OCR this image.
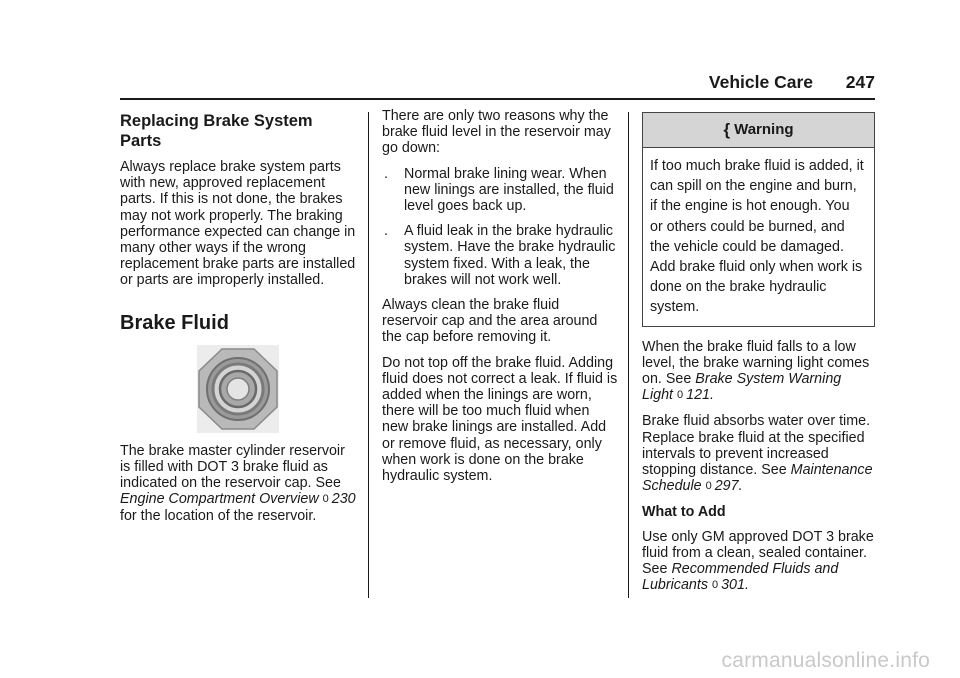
Vehicle Care 247
Replacing Brake System Parts

Always replace brake system parts with new, approved replacement parts. If this is not done, the brakes may not work properly. The braking performance expected can change in many other ways if the wrong replacement brake parts are installed or parts are improperly installed.

Brake Fluid

The brake master cylinder reservoir is filled with DOT 3 brake fluid as indicated on the reservoir cap. See Engine Compartment Overview 0 230 for the location of the reservoir.

There are only two reasons why the brake fluid level in the reservoir may go down:

.	Normal brake lining wear. When new linings are installed, the fluid level goes back up.
.	A fluid leak in the brake hydraulic system. Have the brake hydraulic system fixed. With a leak, the brakes will not work well.

Always clean the brake fluid reservoir cap and the area around the cap before removing it.

Do not top off the brake fluid. Adding fluid does not correct a leak. If fluid is added when the linings are worn, there will be too much fluid when new brake linings are installed. Add or remove fluid, as necessary, only when work is done on the brake hydraulic system.

{ Warning
If too much brake fluid is added, it can spill on the engine and burn, if the engine is hot enough. You or others could be burned, and the vehicle could be damaged. Add brake fluid only when work is done on the brake hydraulic system.

When the brake fluid falls to a low level, the brake warning light comes on. See Brake System Warning Light 0 121.

Brake fluid absorbs water over time. Replace brake fluid at the specified intervals to prevent increased stopping distance. See Maintenance Schedule 0 297.

What to Add

Use only GM approved DOT 3 brake fluid from a clean, sealed container. See Recommended Fluids and Lubricants 0 301.

carmanualsonline.info
